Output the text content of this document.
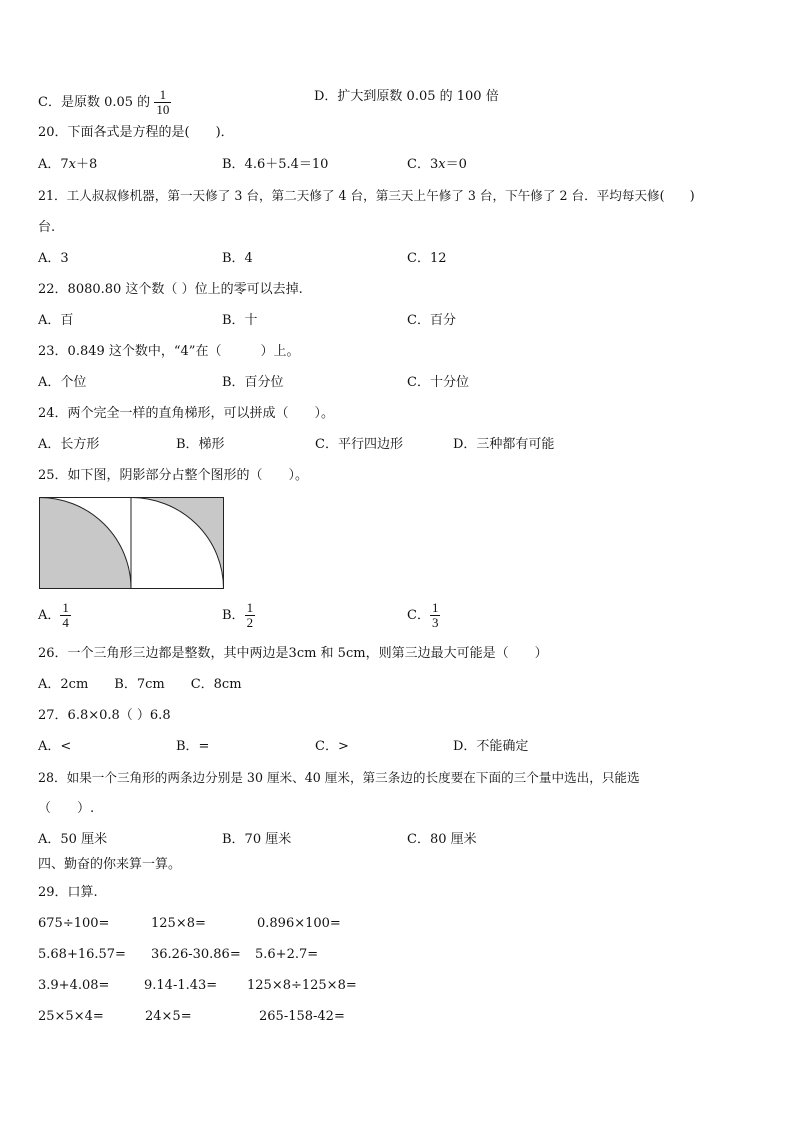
C．是原数 0.05 的 $\frac{1}{10}$	D．扩大到原数 0.05 的 100 倍
20．下面各式是方程的是(　　)．
A．7x＋8	B．4.6＋5.4＝10	C．3x＝0
21．工人叔叔修机器，第一天修了 3 台，第二天修了 4 台，第三天上午修了 3 台，下午修了 2 台．平均每天修(　　)
台.
A．3	B．4	C．12
22．8080.80 这个数（ ）位上的零可以去掉.
A．百	B．十	C．百分
23．0.849 这个数中，“4”在（　　　）上。
A．个位	B．百分位	C．十分位
24．两个完全一样的直角梯形，可以拼成（　　）。
A．长方形	B．梯形	C．平行四边形	D．三种都有可能
25．如下图，阴影部分占整个图形的（　　）。
A． $\frac{1}{4}$	B． $\frac{1}{2}$	C． $\frac{1}{3}$
26．一个三角形三边都是整数，其中两边是3cm 和 5cm，则第三边最大可能是（　　）
A．2cm　　B．7cm　　C．8cm
27．6.8×0.8（ ）6.8
A．<	B．=	C．>	D．不能确定
28．如果一个三角形的两条边分别是 30 厘米、40 厘米，第三条边的长度要在下面的三个量中选出，只能选
（　　）.
A．50 厘米	B．70 厘米	C．80 厘米
四、勤奋的你来算一算。
29．口算.
675÷100=	125×8=	0.896×100=
5.68+16.57= 36.26-30.86= 5.6+2.7=
3.9+4.08=	9.14-1.43= 125×8÷125×8=
25×5×4=	24×5=	265-158-42=
